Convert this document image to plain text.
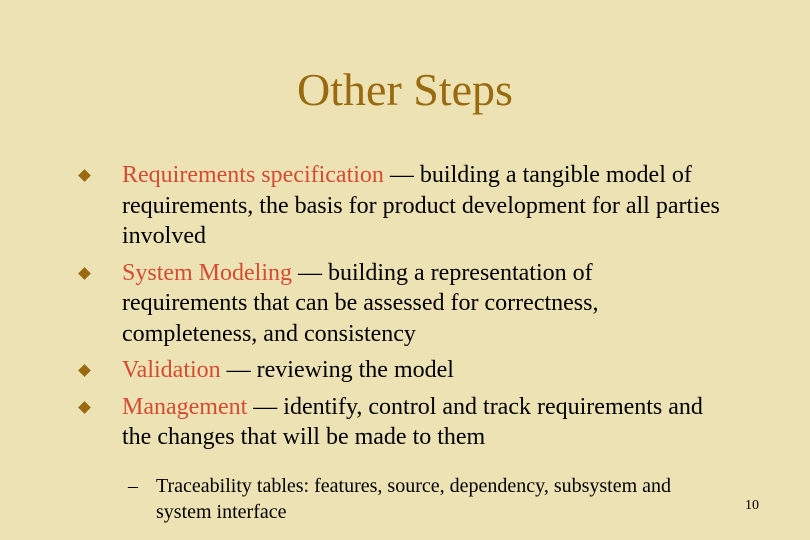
Other Steps
Requirements specification — building a tangible model of requirements, the basis for product development for all parties involved
System Modeling — building a representation of requirements that can be assessed for correctness, completeness, and consistency
Validation — reviewing the model
Management — identify, control and track requirements and the changes that will be made to them
– Traceability tables: features, source, dependency, subsystem and system interface	10
